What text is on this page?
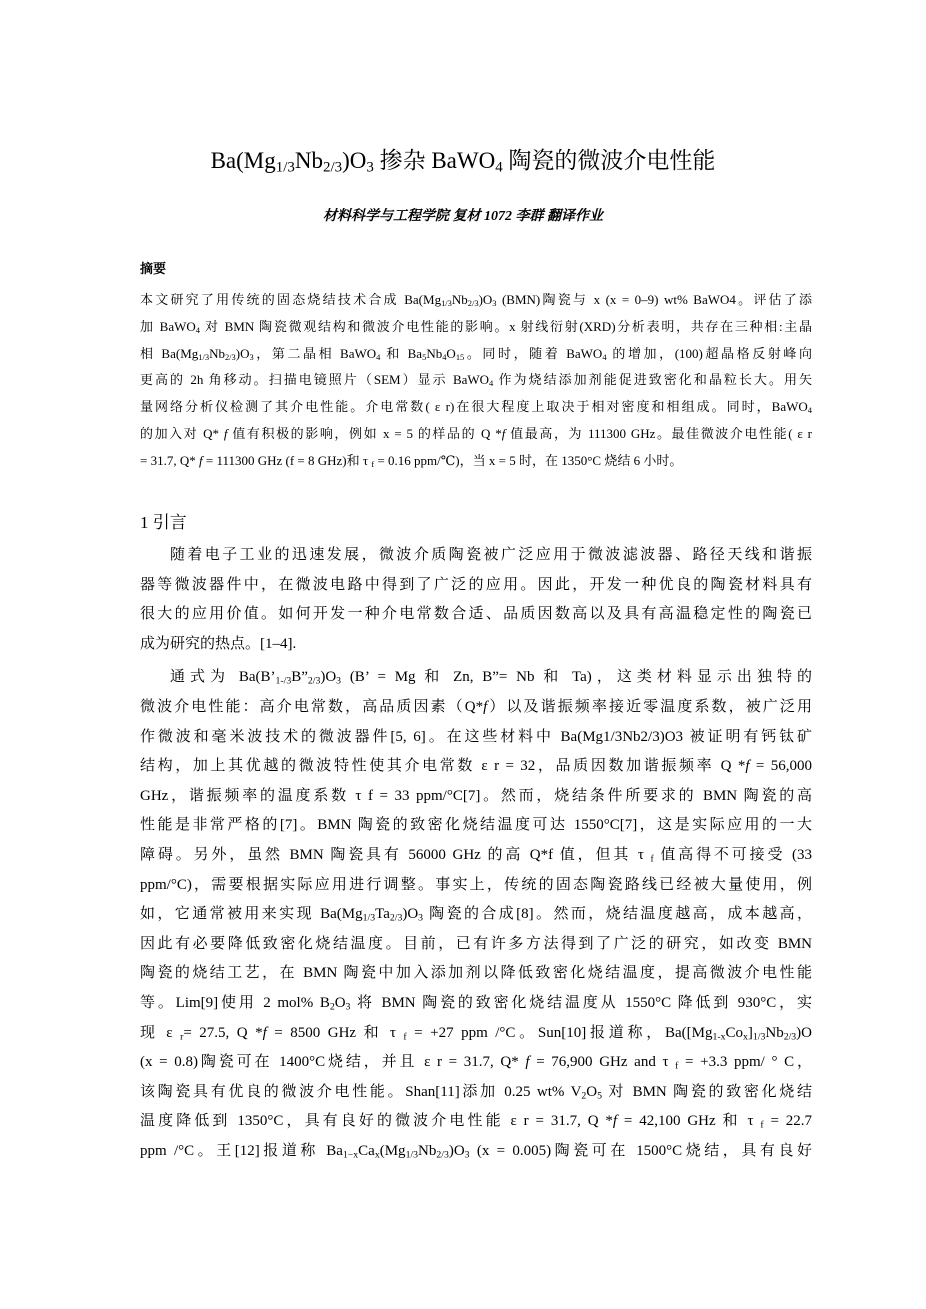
$Ba(Mg_{1/3}Nb_{2/3})O_3$ 掺杂 BaWO$_4$ 陶瓷的微波介电性能
材料科学与工程学院 复材 1072 李群 翻译作业
摘要
本文研究了用传统的固态烧结技术合成 $Ba(Mg_{1/3}Nb_{2/3})O_3$ (BMN)陶瓷与 x (x = 0–9) wt% BaWO4。评估了添
加 BaWO$_4$ 对 BMN 陶瓷微观结构和微波介电性能的影响。x 射线衍射(XRD)分析表明，共存在三种相:主晶
相 $Ba(Mg_{1/3}Nb_{2/3})O_3$，第二晶相 BaWO$_4$ 和 $Ba_5Nb_4O_{15}$。同时，随着 BaWO$_4$ 的增加，(100)超晶格反射峰向
更高的 2h 角移动。扫描电镜照片（SEM）显示 BaWO$_4$ 作为烧结添加剂能促进致密化和晶粒长大。用矢
量网络分析仪检测了其介电性能。介电常数( ε r)在很大程度上取决于相对密度和相组成。同时，BaWO$_4$
的加入对 Q* f 值有积极的影响，例如 x = 5 的样品的 Q *f 值最高，为 111300 GHz。最佳微波介电性能( ε r
= 31.7, Q* f = 111300 GHz (f = 8 GHz)和 τ $_f$ = 0.16 ppm/℃)，当 x = 5 时，在 1350°C 烧结 6 小时。
1 引言
随着电子工业的迅速发展，微波介质陶瓷被广泛应用于微波滤波器、路径天线和谐振
器等微波器件中，在微波电路中得到了广泛的应用。因此，开发一种优良的陶瓷材料具有
很大的应用价值。如何开发一种介电常数合适、品质因数高以及具有高温稳定性的陶瓷已
成为研究的热点。[1–4].
通式为 $Ba(B’_{1-/3}B”_{2/3})O_3$ (B’ = Mg 和 Zn, B”= Nb 和 Ta)，这类材料显示出独特的
微波介电性能：高介电常数，高品质因素（Q*f）以及谐振频率接近零温度系数，被广泛用
作微波和毫米波技术的微波器件[5, 6]。在这些材料中 Ba(Mg1/3Nb2/3)O3 被证明有钙钛矿
结构，加上其优越的微波特性使其介电常数 ε r = 32，品质因数加谐振频率 Q *f = 56,000
GHz，谐振频率的温度系数 τ f = 33 ppm/°C[7]。然而，烧结条件所要求的 BMN 陶瓷的高
性能是非常严格的[7]。BMN 陶瓷的致密化烧结温度可达 1550°C[7]，这是实际应用的一大
障碍。另外，虽然 BMN 陶瓷具有 56000 GHz 的高 Q*f 值，但其 τ $_f$ 值高得不可接受 (33
ppm/°C)，需要根据实际应用进行调整。事实上，传统的固态陶瓷路线已经被大量使用，例
如，它通常被用来实现 $Ba(Mg_{1/3}Ta_{2/3})O_3$ 陶瓷的合成[8]。然而，烧结温度越高，成本越高，
因此有必要降低致密化烧结温度。目前，已有许多方法得到了广泛的研究，如改变 BMN
陶瓷的烧结工艺，在 BMN 陶瓷中加入添加剂以降低致密化烧结温度，提高微波介电性能
等。Lim[9]使用 2 mol% $B_2O_3$ 将 BMN 陶瓷的致密化烧结温度从 1550°C 降低到 930°C，实
现 ε $_r$= 27.5, Q *f = 8500 GHz 和 τ $_f$ = +27 ppm /°C。Sun[10]报道称，$Ba([Mg_{1-x}Co_x]_{1/3}Nb_{2/3})O$
(x = 0.8)陶瓷可在 1400°C烧结，并且 ε r = 31.7, Q* f = 76,900 GHz and τ $_f$ = +3.3 ppm/ ° C，
该陶瓷具有优良的微波介电性能。Shan[11]添加 0.25 wt% $V_2O_5$ 对 BMN 陶瓷的致密化烧结
温度降低到 1350°C，具有良好的微波介电性能 ε r = 31.7, Q *f = 42,100 GHz 和 τ $_f$ = 22.7
ppm /°C。王[12]报道称 $Ba_{1-x}Ca_x(Mg_{1/3}Nb_{2/3})O_3$ (x = 0.005)陶瓷可在 1500°C烧结，具有良好
